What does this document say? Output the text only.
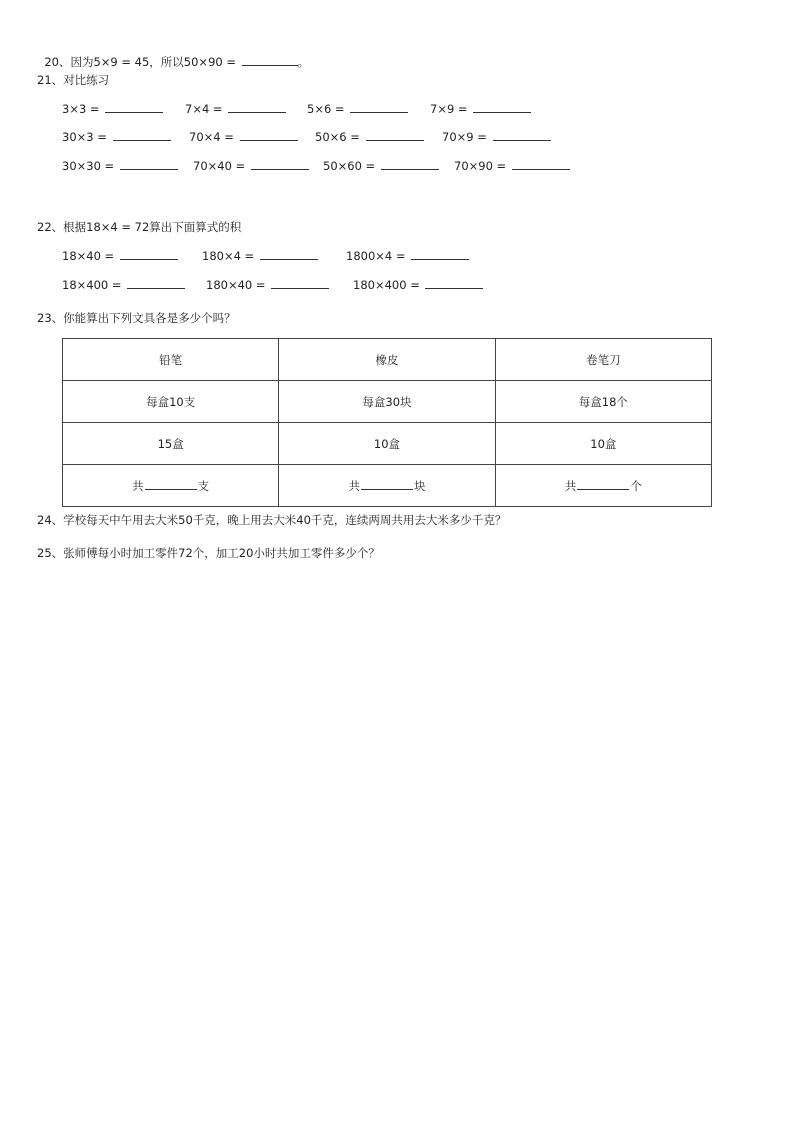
20、因为5×9 = 45，所以50×90 =	。

21、对比练习
3×3 =	7×4 =	5×6 =	7×9 =
30×3 =	70×4 =	50×6 =	70×9 =
30×30 =	70×40 =	50×60 =	70×90 =
22、根据18×4 = 72算出下面算式的积
18×40 =	180×4 =	1800×4 =
18×400 =	180×40 =	180×400 =
23、你能算出下列文具各是多少个吗？
铅笔	橡皮	卷笔刀
每盒10支	每盒30块	每盒18个
15盒	10盒	10盒
共 支	共 块	共 个
24、学校每天中午用去大米50千克，晚上用去大米40千克，连续两周共用去大米多少千克？
25、张师傅每小时加工零件72个，加工20小时共加工零件多少个？
